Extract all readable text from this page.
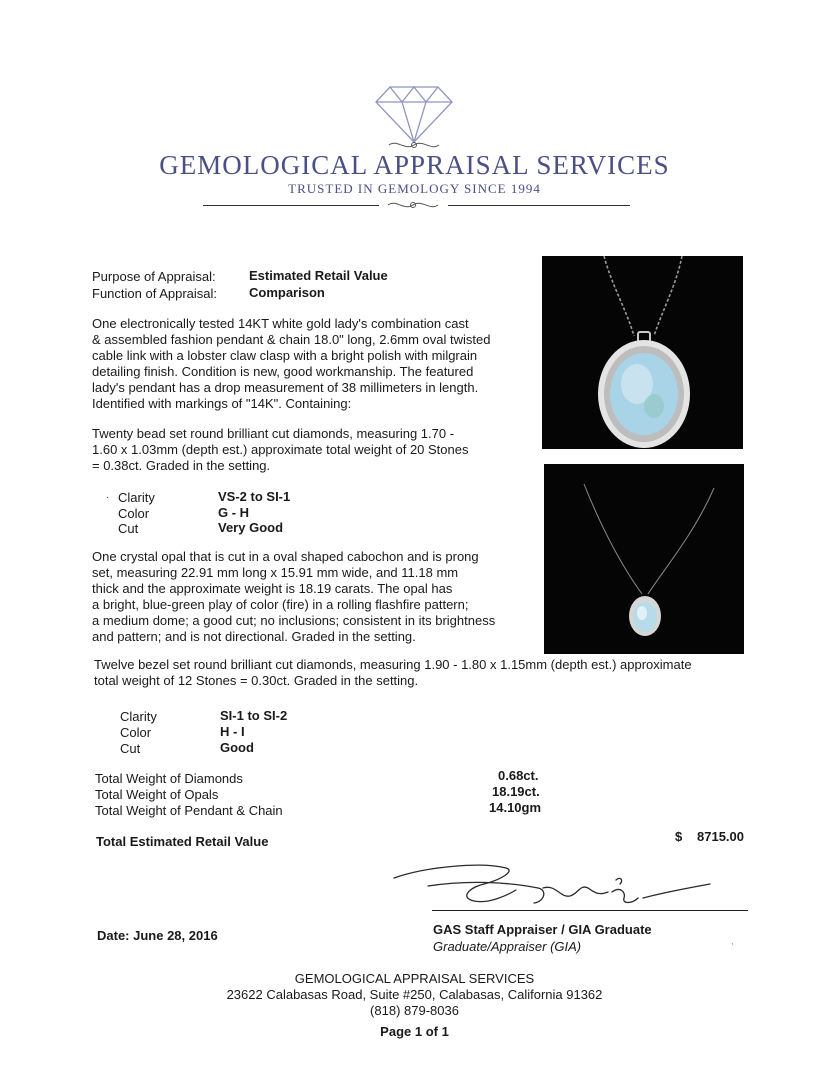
GEMOLOGICAL APPRAISAL SERVICES
TRUSTED IN GEMOLOGY SINCE 1994
Purpose of Appraisal:	Estimated Retail Value
Function of Appraisal: Comparison
One electronically tested 14KT white gold lady's combination cast
& assembled fashion pendant & chain 18.0" long, 2.6mm oval twisted
cable link with a lobster claw clasp with a bright polish with milgrain
detailing finish. Condition is new, good workmanship. The featured
lady's pendant has a drop measurement of 38 millimeters in length.
Identified with markings of "14K". Containing:
Twenty bead set round brilliant cut diamonds, measuring 1.70 -
1.60 x 1.03mm (depth est.) approximate total weight of 20 Stones
= 0.38ct. Graded in the setting.
· Clarity	VS-2 to SI-1
Color	G - H
Cut	Very Good
One crystal opal that is cut in a oval shaped cabochon and is prong
set, measuring 22.91 mm long x 15.91 mm wide, and 11.18 mm
thick and the approximate weight is 18.19 carats. The opal has
a bright, blue-green play of color (fire) in a rolling flashfire pattern;
a medium dome; a good cut; no inclusions; consistent in its brightness
and pattern; and is not directional. Graded in the setting.
Twelve bezel set round brilliant cut diamonds, measuring 1.90 - 1.80 x 1.15mm (depth est.) approximate
total weight of 12 Stones = 0.30ct. Graded in the setting.
Clarity	SI-1 to SI-2
Color	H - I
Cut	Good
Total Weight of Diamonds	0.68ct.
Total Weight of Opals	18.19ct.
Total Weight of Pendant & Chain	14.10gm
Total Estimated Retail Value	$ 8715.00
GAS Staff Appraiser / GIA Graduate
Graduate/Appraiser (GIA)
Date: June 28, 2016
GEMOLOGICAL APPRAISAL SERVICES
23622 Calabasas Road, Suite #250, Calabasas, California 91362
(818) 879-8036
Page 1 of 1
,
